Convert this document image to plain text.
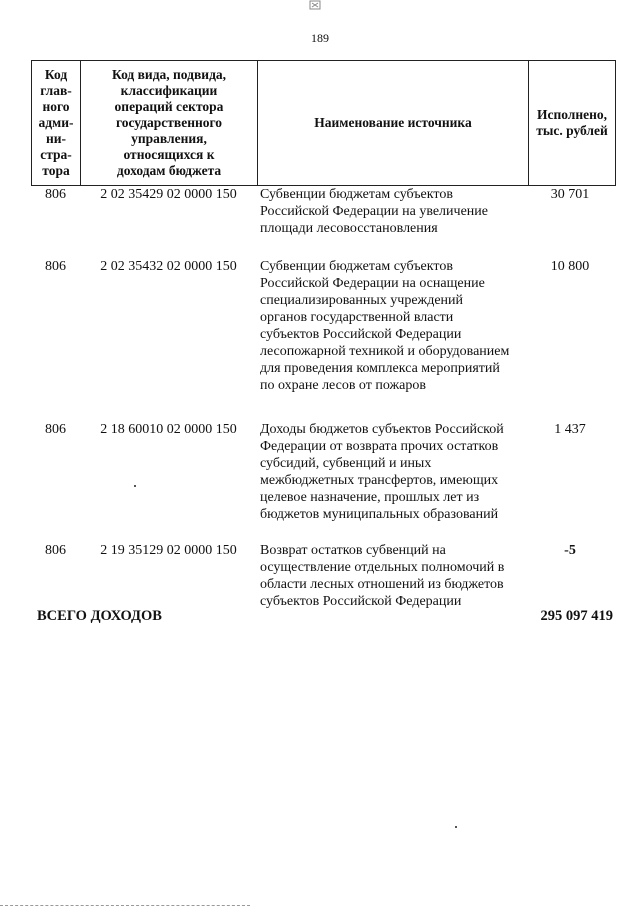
189
Код
глав-
ного
адми-
ни-
стра-
тора

Код вида, подвида,
классификации
операций сектора
государственного
управления,
относящихся к
доходам бюджета

Наименование источника

Исполнено,
тыс. рублей
806	2 02 35429 02 0000 150	Субвенции бюджетам субъектов
Российской Федерации на увеличение
площади лесовосстановления
30 701
806	2 02 35432 02 0000 150	Субвенции бюджетам субъектов
Российской Федерации на оснащение
специализированных учреждений
органов государственной власти
субъектов Российской Федерации
лесопожарной техникой и оборудованием
для проведения комплекса мероприятий
по охране лесов от пожаров
10 800
806	2 18 60010 02 0000 150	Доходы бюджетов субъектов Российской
Федерации от возврата прочих остатков
субсидий, субвенций и иных
межбюджетных трансфертов, имеющих
целевое назначение, прошлых лет из
бюджетов муниципальных образований
1 437
806	2 19 35129 02 0000 150	Возврат остатков субвенций на
осуществление отдельных полномочий в
области лесных отношений из бюджетов
субъектов Российской Федерации
-5
ВСЕГО ДОХОДОВ	295 097 419
